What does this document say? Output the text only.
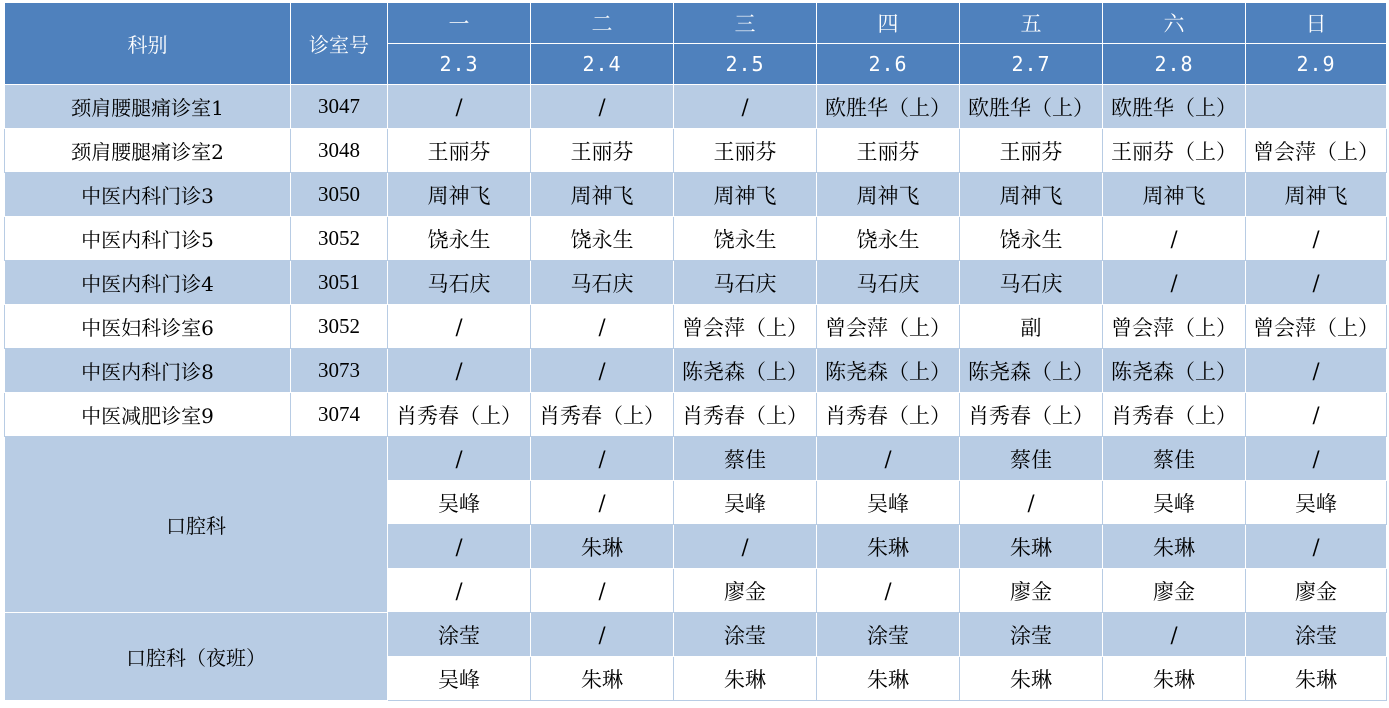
科别	诊室号	一	二	三	四	五	六	日
		2.3	2.4	2.5	2.6	2.7	2.8	2.9
颈肩腰腿痛诊室1	3047	/	/	/	欧胜华（上）	欧胜华（上）	欧胜华（上）	
颈肩腰腿痛诊室2	3048	王丽芬	王丽芬	王丽芬	王丽芬	王丽芬	王丽芬（上）	曾会萍（上）
中医内科门诊3	3050	周神飞	周神飞	周神飞	周神飞	周神飞	周神飞	周神飞
中医内科门诊5	3052	饶永生	饶永生	饶永生	饶永生	饶永生	/	/
中医内科门诊4	3051	马石庆	马石庆	马石庆	马石庆	马石庆	/	/
中医妇科诊室6	3052	/	/	曾会萍（上）	曾会萍（上）	副	曾会萍（上）	曾会萍（上）
中医内科门诊8	3073	/	/	陈尧森（上）	陈尧森（上）	陈尧森（上）	陈尧森（上）	/
中医减肥诊室9	3074	肖秀春（上）	肖秀春（上）	肖秀春（上）	肖秀春（上）	肖秀春（上）	肖秀春（上）	/
口腔科		/	/	蔡佳	/	蔡佳	蔡佳	/
		吴峰	/	吴峰	吴峰	/	吴峰	吴峰
		/	朱琳	/	朱琳	朱琳	朱琳	/
		/	/	廖金	/	廖金	廖金	廖金
口腔科（夜班）		涂莹	/	涂莹	涂莹	涂莹	/	涂莹
		吴峰	朱琳	朱琳	朱琳	朱琳	朱琳	朱琳
